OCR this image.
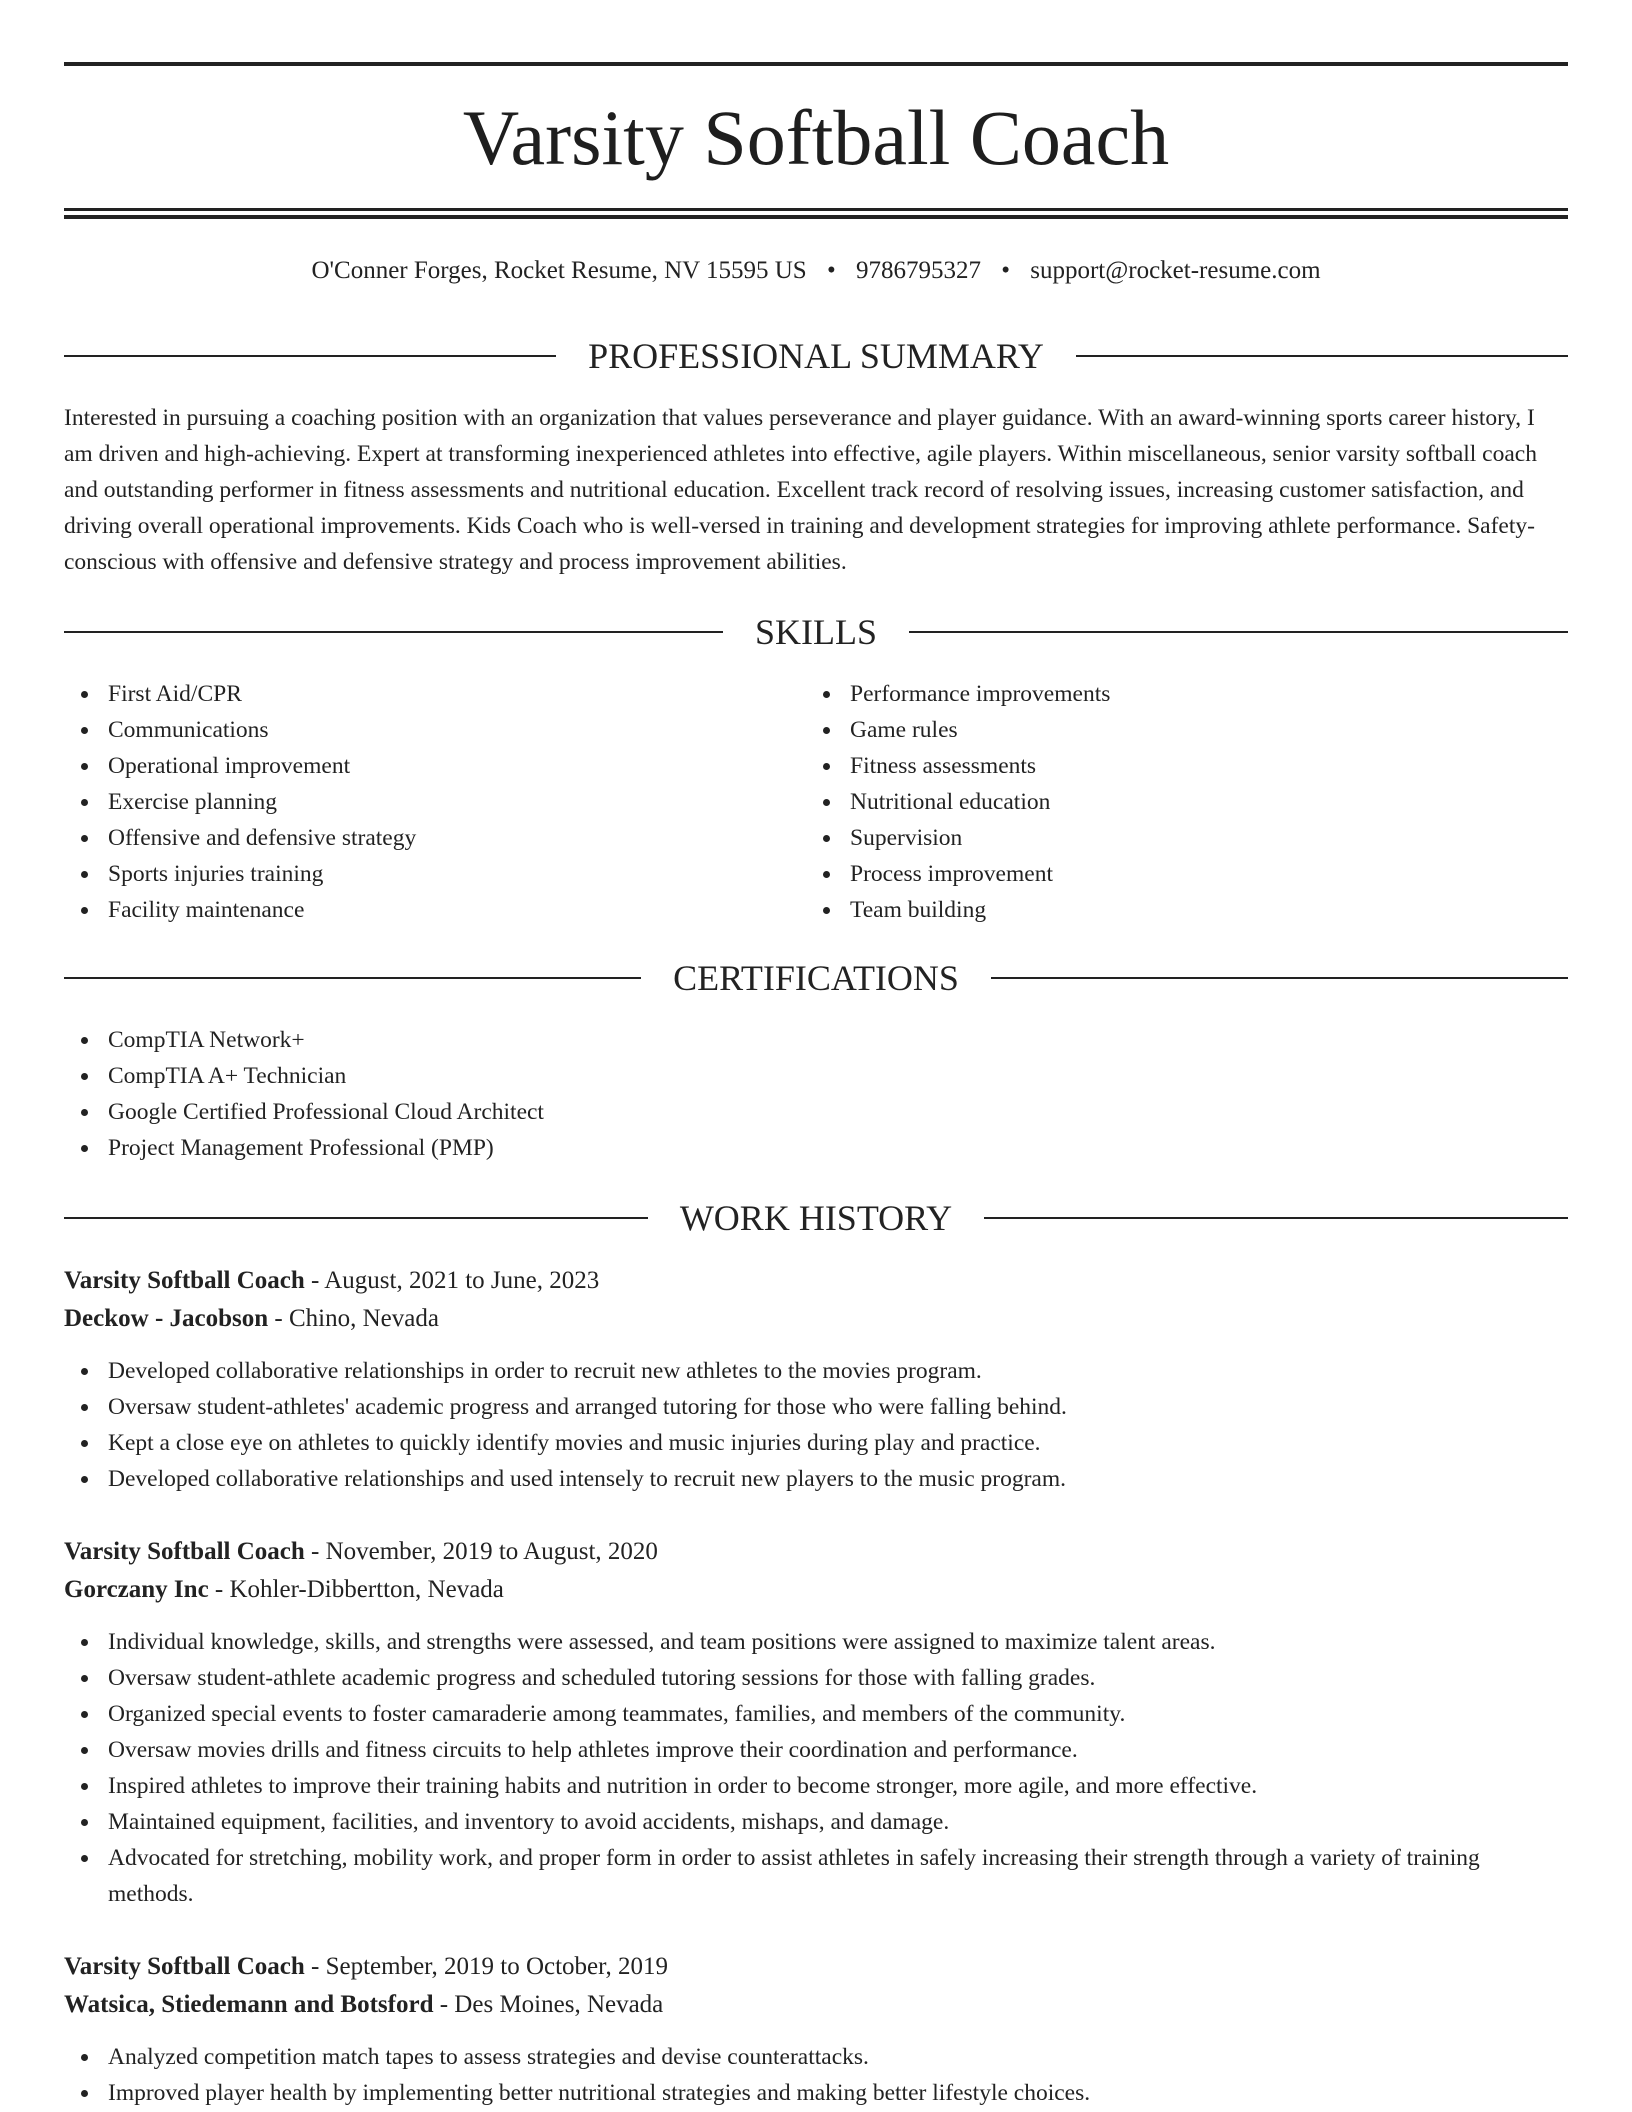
Varsity Softball Coach
O'Conner Forges, Rocket Resume, NV 15595 US • 9786795327 • support@rocket-resume.com
PROFESSIONAL SUMMARY

Interested in pursuing a coaching position with an organization that values perseverance and player guidance. With an award-winning sports career history, I am driven and high-achieving. Expert at transforming inexperienced athletes into effective, agile players. Within miscellaneous, senior varsity softball coach and outstanding performer in fitness assessments and nutritional education. Excellent track record of resolving issues, increasing customer satisfaction, and driving overall operational improvements. Kids Coach who is well-versed in training and development strategies for improving athlete performance. Safety-conscious with offensive and defensive strategy and process improvement abilities.

SKILLS
First Aid/CPR
Communications
Operational improvement
Exercise planning
Offensive and defensive strategy
Sports injuries training
Facility maintenance
Performance improvements
Game rules
Fitness assessments
Nutritional education
Supervision
Process improvement
Team building
CERTIFICATIONS
CompTIA Network+
CompTIA A+ Technician
Google Certified Professional Cloud Architect
Project Management Professional (PMP)
WORK HISTORY
Varsity Softball Coach - August, 2021 to June, 2023
Deckow - Jacobson - Chino, Nevada
Developed collaborative relationships in order to recruit new athletes to the movies program.
Oversaw student-athletes' academic progress and arranged tutoring for those who were falling behind.
Kept a close eye on athletes to quickly identify movies and music injuries during play and practice.
Developed collaborative relationships and used intensely to recruit new players to the music program.
Varsity Softball Coach - November, 2019 to August, 2020
Gorczany Inc - Kohler-Dibbertton, Nevada
Individual knowledge, skills, and strengths were assessed, and team positions were assigned to maximize talent areas.
Oversaw student-athlete academic progress and scheduled tutoring sessions for those with falling grades.
Organized special events to foster camaraderie among teammates, families, and members of the community.
Oversaw movies drills and fitness circuits to help athletes improve their coordination and performance.
Inspired athletes to improve their training habits and nutrition in order to become stronger, more agile, and more effective.
Maintained equipment, facilities, and inventory to avoid accidents, mishaps, and damage.
Advocated for stretching, mobility work, and proper form in order to assist athletes in safely increasing their strength through a variety of training methods.
Varsity Softball Coach - September, 2019 to October, 2019
Watsica, Stiedemann and Botsford - Des Moines, Nevada
Analyzed competition match tapes to assess strategies and devise counterattacks.
Improved player health by implementing better nutritional strategies and making better lifestyle choices.
